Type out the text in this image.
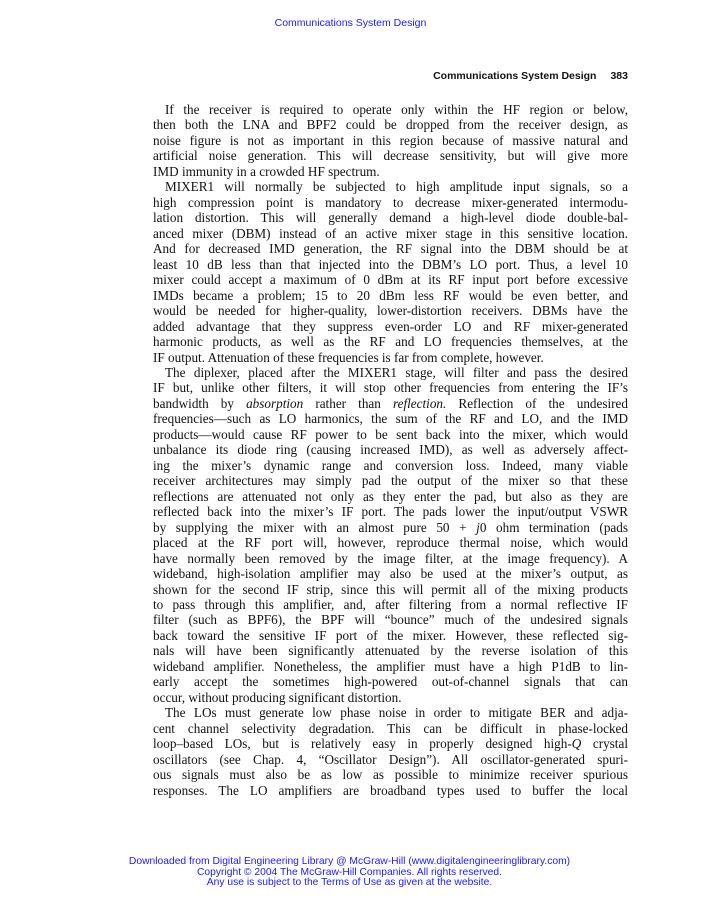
Communications System Design
Communications System Design 383
If the receiver is required to operate only within the HF region or below,
then both the LNA and BPF2 could be dropped from the receiver design, as
noise figure is not as important in this region because of massive natural and
artificial noise generation. This will decrease sensitivity, but will give more
IMD immunity in a crowded HF spectrum.
MIXER1 will normally be subjected to high amplitude input signals, so a
high compression point is mandatory to decrease mixer-generated intermodu-
lation distortion. This will generally demand a high-level diode double-bal-
anced mixer (DBM) instead of an active mixer stage in this sensitive location.
And for decreased IMD generation, the RF signal into the DBM should be at
least 10 dB less than that injected into the DBM’s LO port. Thus, a level 10
mixer could accept a maximum of 0 dBm at its RF input port before excessive
IMDs became a problem; 15 to 20 dBm less RF would be even better, and
would be needed for higher-quality, lower-distortion receivers. DBMs have the
added advantage that they suppress even-order LO and RF mixer-generated
harmonic products, as well as the RF and LO frequencies themselves, at the
IF output. Attenuation of these frequencies is far from complete, however.
The diplexer, placed after the MIXER1 stage, will filter and pass the desired
IF but, unlike other filters, it will stop other frequencies from entering the IF’s
bandwidth by absorption rather than reflection. Reflection of the undesired
frequencies—such as LO harmonics, the sum of the RF and LO, and the IMD
products—would cause RF power to be sent back into the mixer, which would
unbalance its diode ring (causing increased IMD), as well as adversely affect-
ing the mixer’s dynamic range and conversion loss. Indeed, many viable
receiver architectures may simply pad the output of the mixer so that these
reflections are attenuated not only as they enter the pad, but also as they are
reflected back into the mixer’s IF port. The pads lower the input/output VSWR
by supplying the mixer with an almost pure 50 + j0 ohm termination (pads
placed at the RF port will, however, reproduce thermal noise, which would
have normally been removed by the image filter, at the image frequency). A
wideband, high-isolation amplifier may also be used at the mixer’s output, as
shown for the second IF strip, since this will permit all of the mixing products
to pass through this amplifier, and, after filtering from a normal reflective IF
filter (such as BPF6), the BPF will “bounce” much of the undesired signals
back toward the sensitive IF port of the mixer. However, these reflected sig-
nals will have been significantly attenuated by the reverse isolation of this
wideband amplifier. Nonetheless, the amplifier must have a high P1dB to lin-
early accept the sometimes high-powered out-of-channel signals that can
occur, without producing significant distortion.
The LOs must generate low phase noise in order to mitigate BER and adja-
cent channel selectivity degradation. This can be difficult in phase-locked
loop–based LOs, but is relatively easy in properly designed high-Q crystal
oscillators (see Chap. 4, “Oscillator Design”). All oscillator-generated spuri-
ous signals must also be as low as possible to minimize receiver spurious
responses. The LO amplifiers are broadband types used to buffer the local
Downloaded from Digital Engineering Library @ McGraw-Hill (www.digitalengineeringlibrary.com)
Copyright © 2004 The McGraw-Hill Companies. All rights reserved.
Any use is subject to the Terms of Use as given at the website.
